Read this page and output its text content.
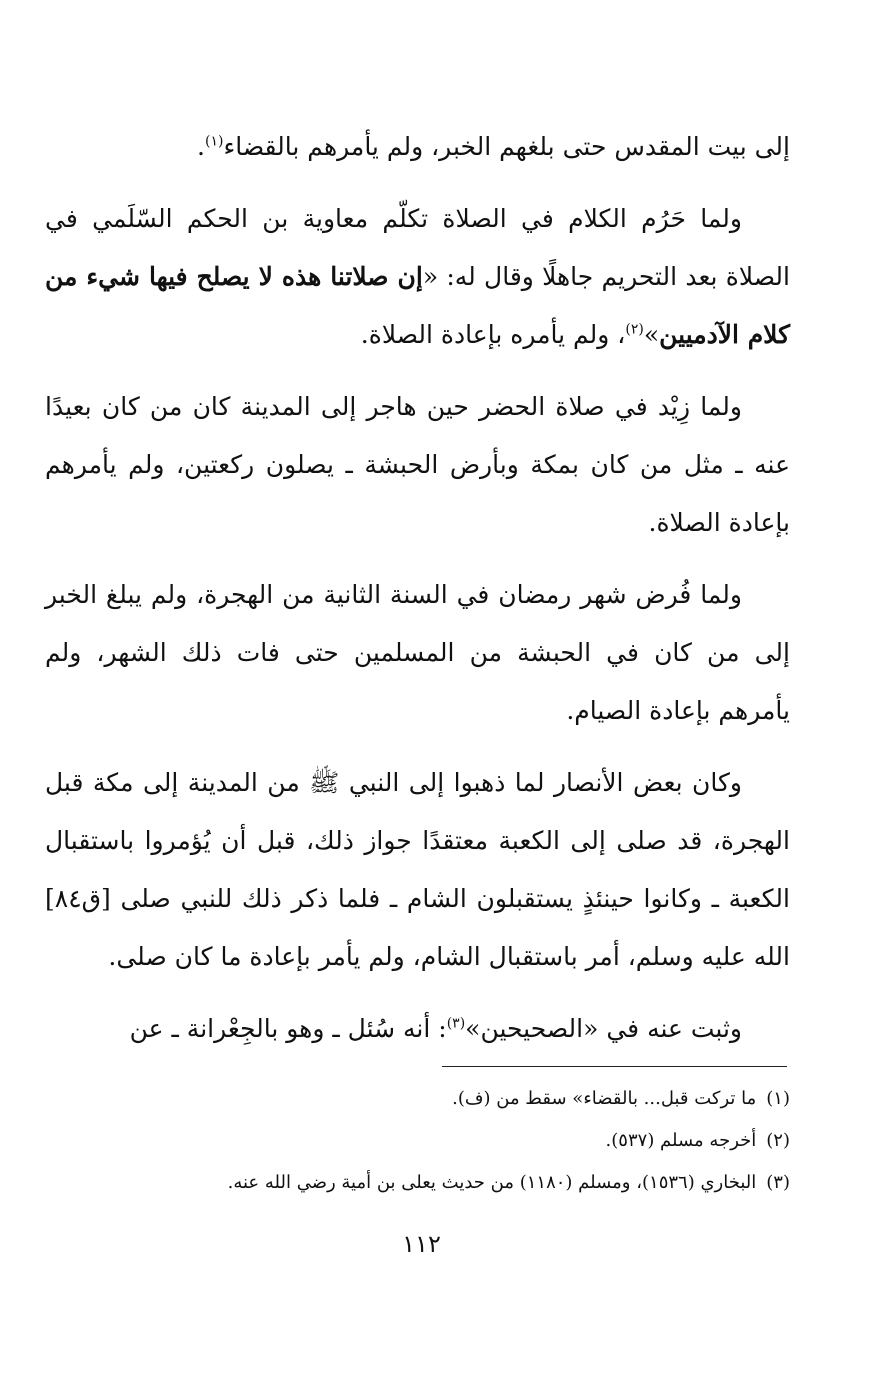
إلى بيت المقدس حتى بلغهم الخبر، ولم يأمرهم بالقضاء$^{(١)}$.

ولما حَرُم الكلام في الصلاة تكلّم معاوية بن الحكم السّلَمي في الصلاة بعد التحريم جاهلًا وقال له: «إن صلاتنا هذه لا يصلح فيها شيء من كلام الآدميين»$^{(٢)}$، ولم يأمره بإعادة الصلاة.

ولما زِيْد في صلاة الحضر حين هاجر إلى المدينة كان من كان بعيدًا عنه ـ مثل من كان بمكة وبأرض الحبشة ـ يصلون ركعتين، ولم يأمرهم بإعادة الصلاة.

ولما فُرض شهر رمضان في السنة الثانية من الهجرة، ولم يبلغ الخبر إلى من كان في الحبشة من المسلمين حتى فات ذلك الشهر، ولم يأمرهم بإعادة الصيام.

وكان بعض الأنصار لما ذهبوا إلى النبي ﷺ من المدينة إلى مكة قبل الهجرة، قد صلى إلى الكعبة معتقدًا جواز ذلك، قبل أن يُؤمروا باستقبال الكعبة ـ وكانوا حينئذٍ يستقبلون الشام ـ فلما ذكر ذلك للنبي صلى [ق٨٤] الله عليه وسلم، أمر باستقبال الشام، ولم يأمر بإعادة ما كان صلى.

وثبت عنه في «الصحيحين»$^{(٣)}$: أنه سُئل ـ وهو بالجِعْرانة ـ عن

(١)ما تركت قبل... بالقضاء» سقط من (ف).
(٢)أخرجه مسلم (٥٣٧).
(٣)البخاري (١٥٣٦)، ومسلم (١١٨٠) من حديث يعلى بن أمية رضي الله عنه.
١١٢
